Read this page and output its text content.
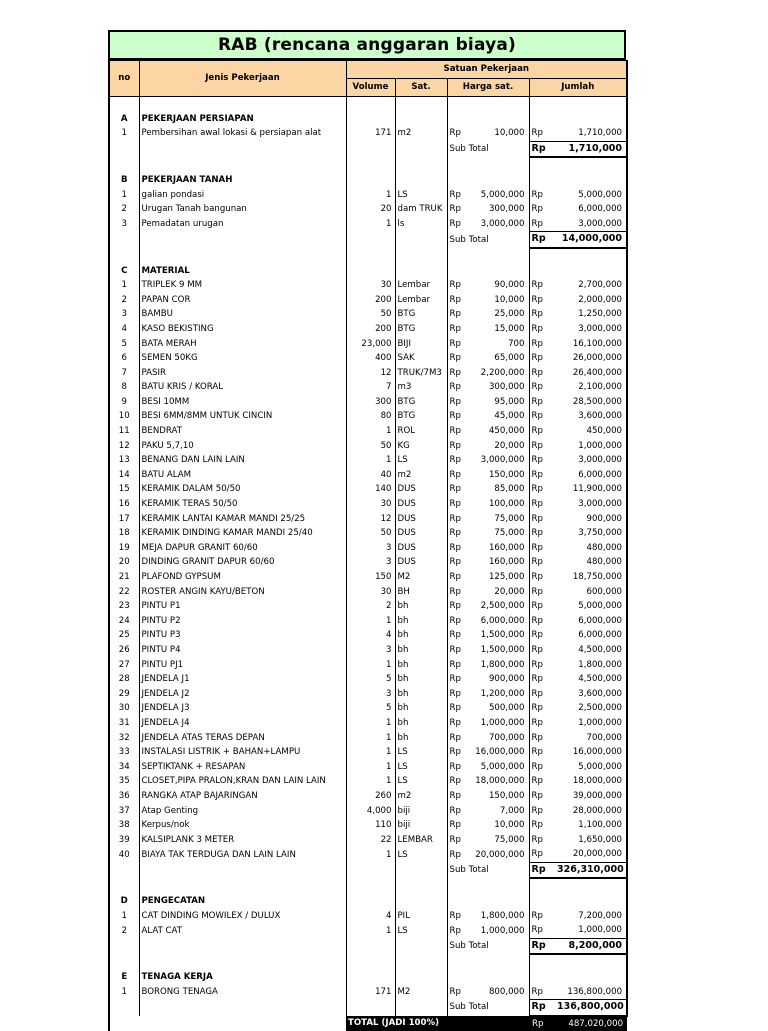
RAB (rencana anggaran biaya)
no	Jenis Pekerjaan	Satuan Pekerjaan					
		Volume	Sat.	Harga sat.		Jumlah	

A	PEKERJAAN PERSIAPAN						
1	Pembersihan awal lokasi & persiapan alat	171	m2	Rp	10,000	Rp	1,710,000
				Sub Total		Rp	1,710,000

B	PEKERJAAN TANAH						
1	galian pondasi	1	LS	Rp	5,000,000	Rp	5,000,000
2	Urugan Tanah bangunan	20	dam TRUK	Rp	300,000	Rp	6,000,000
3	Pemadatan urugan	1	ls	Rp	3,000,000	Rp	3,000,000
				Sub Total		Rp	14,000,000

C	MATERIAL						
1	TRIPLEK 9 MM	30	Lembar	Rp	90,000	Rp	2,700,000
2	PAPAN COR	200	Lembar	Rp	10,000	Rp	2,000,000
3	BAMBU	50	BTG	Rp	25,000	Rp	1,250,000
4	KASO BEKISTING	200	BTG	Rp	15,000	Rp	3,000,000
5	BATA MERAH	23,000	BIJI	Rp	700	Rp	16,100,000
6	SEMEN 50KG	400	SAK	Rp	65,000	Rp	26,000,000
7	PASIR	12	TRUK/7M3	Rp	2,200,000	Rp	26,400,000
8	BATU KRIS / KORAL	7	m3	Rp	300,000	Rp	2,100,000
9	BESI 10MM	300	BTG	Rp	95,000	Rp	28,500,000
10	BESI 6MM/8MM UNTUK CINCIN	80	BTG	Rp	45,000	Rp	3,600,000
11	BENDRAT	1	ROL	Rp	450,000	Rp	450,000
12	PAKU 5,7,10	50	KG	Rp	20,000	Rp	1,000,000
13	BENANG DAN LAIN LAIN	1	LS	Rp	3,000,000	Rp	3,000,000
14	BATU ALAM	40	m2	Rp	150,000	Rp	6,000,000
15	KERAMIK DALAM 50/50	140	DUS	Rp	85,000	Rp	11,900,000
16	KERAMIK TERAS 50/50	30	DUS	Rp	100,000	Rp	3,000,000
17	KERAMIK LANTAI KAMAR MANDI 25/25	12	DUS	Rp	75,000	Rp	900,000
18	KERAMIK DINDING KAMAR MANDI 25/40	50	DUS	Rp	75,000	Rp	3,750,000
19	MEJA DAPUR GRANIT 60/60	3	DUS	Rp	160,000	Rp	480,000
20	DINDING GRANIT DAPUR 60/60	3	DUS	Rp	160,000	Rp	480,000
21	PLAFOND GYPSUM	150	M2	Rp	125,000	Rp	18,750,000
22	ROSTER ANGIN KAYU/BETON	30	BH	Rp	20,000	Rp	600,000
23	PINTU P1	2	bh	Rp	2,500,000	Rp	5,000,000
24	PINTU P2	1	bh	Rp	6,000,000	Rp	6,000,000
25	PINTU P3	4	bh	Rp	1,500,000	Rp	6,000,000
26	PINTU P4	3	bh	Rp	1,500,000	Rp	4,500,000
27	PINTU PJ1	1	bh	Rp	1,800,000	Rp	1,800,000
28	JENDELA J1	5	bh	Rp	900,000	Rp	4,500,000
29	JENDELA J2	3	bh	Rp	1,200,000	Rp	3,600,000
30	JENDELA J3	5	bh	Rp	500,000	Rp	2,500,000
31	JENDELA J4	1	bh	Rp	1,000,000	Rp	1,000,000
32	JENDELA ATAS TERAS DEPAN	1	bh	Rp	700,000	Rp	700,000
33	INSTALASI LISTRIK + BAHAN+LAMPU	1	LS	Rp	16,000,000	Rp	16,000,000
34	SEPTIKTANK + RESAPAN	1	LS	Rp	5,000,000	Rp	5,000,000
35	CLOSET,PIPA PRALON,KRAN DAN LAIN LAIN	1	LS	Rp	18,000,000	Rp	18,000,000
36	RANGKA ATAP BAJARINGAN	260	m2	Rp	150,000	Rp	39,000,000
37	Atap Genting	4,000	biji	Rp	7,000	Rp	28,000,000
38	Kerpus/nok	110	biji	Rp	10,000	Rp	1,100,000
39	KALSIPLANK 3 METER	22	LEMBAR	Rp	75,000	Rp	1,650,000
40	BIAYA TAK TERDUGA DAN LAIN LAIN	1	LS	Rp	20,000,000	Rp	20,000,000
				Sub Total		Rp	326,310,000

D	PENGECATAN						
1	CAT DINDING MOWILEX / DULUX	4	PIL	Rp	1,800,000	Rp	7,200,000
2	ALAT CAT	1	LS	Rp	1,000,000	Rp	1,000,000
				Sub Total		Rp	8,200,000

E	TENAGA KERJA						
1	BORONG TENAGA	171	M2	Rp	800,000	Rp	136,800,000
				Sub Total		Rp	136,800,000
		TOTAL (JADI 100%)				Rp	487,020,000
